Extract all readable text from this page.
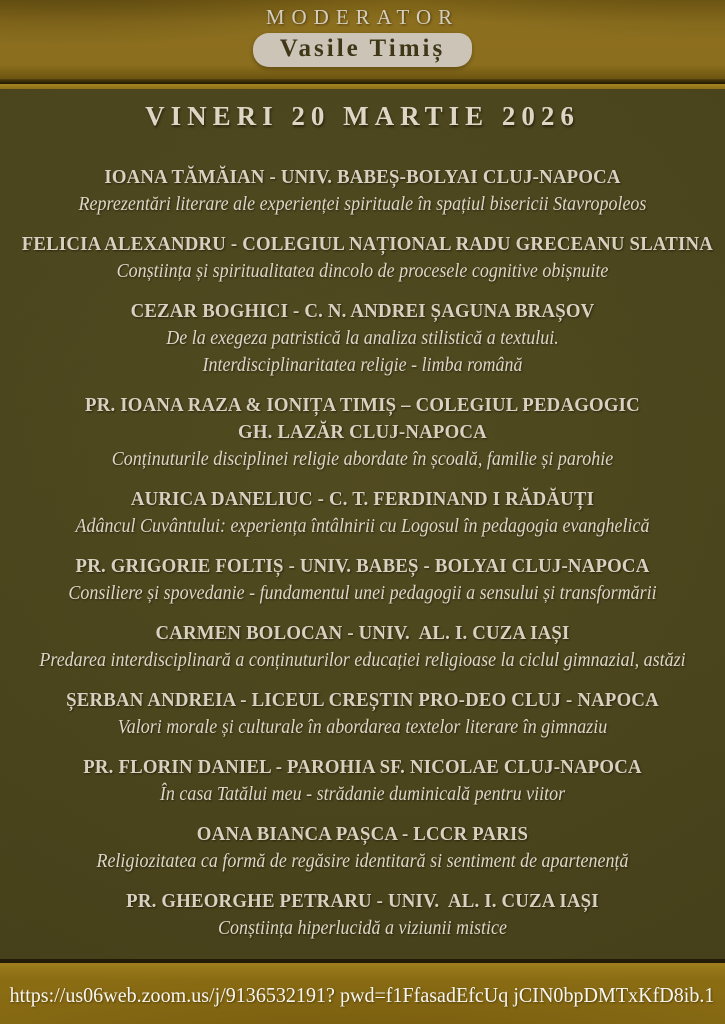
MODERATOR
Vasile Timiș
VINERI 20 MARTIE 2026
IOANA TĂMĂIAN - UNIV. BABEȘ-BOLYAI CLUJ-NAPOCA
Reprezentări literare ale experienței spirituale în spațiul bisericii Stavropoleos
FELICIA ALEXANDRU - COLEGIUL NAȚIONAL RADU GRECEANU SLATINA
Conștiința și spiritualitatea dincolo de procesele cognitive obișnuite
CEZAR BOGHICI - C. N. ANDREI ȘAGUNA BRAȘOV
De la exegeza patristică la analiza stilistică a textului.
Interdisciplinaritatea religie - limba română
PR. IOANA RAZA & IONIȚA TIMIȘ – COLEGIUL PEDAGOGIC
GH. LAZĂR CLUJ-NAPOCA
Conținuturile disciplinei religie abordate în școală, familie și parohie
AURICA DANELIUC - C. T. FERDINAND I RĂDĂUȚI
Adâncul Cuvântului: experiența întâlnirii cu Logosul în pedagogia evanghelică
PR. GRIGORIE FOLTIȘ - UNIV. BABEȘ - BOLYAI CLUJ-NAPOCA
Consiliere și spovedanie - fundamentul unei pedagogii a sensului și transformării
CARMEN BOLOCAN - UNIV.  AL. I. CUZA IAȘI
Predarea interdisciplinară a conținuturilor educației religioase la ciclul gimnazial, astăzi
ȘERBAN ANDREIA - LICEUL CREȘTIN PRO-DEO CLUJ - NAPOCA
Valori morale și culturale în abordarea textelor literare în gimnaziu
PR. FLORIN DANIEL - PAROHIA SF. NICOLAE CLUJ-NAPOCA
În casa Tatălui meu - strădanie duminicală pentru viitor
OANA BIANCA PAȘCA - LCCR PARIS
Religiozitatea ca formă de regăsire identitară si sentiment de apartenență
PR. GHEORGHE PETRARU - UNIV.  AL. I. CUZA IAȘI
Conștiința hiperlucidă a viziunii mistice
https://us06web.zoom.us/j/9136532191? pwd=f1FfasadEfcUq jCIN0bpDMTxKfD8ib.1
